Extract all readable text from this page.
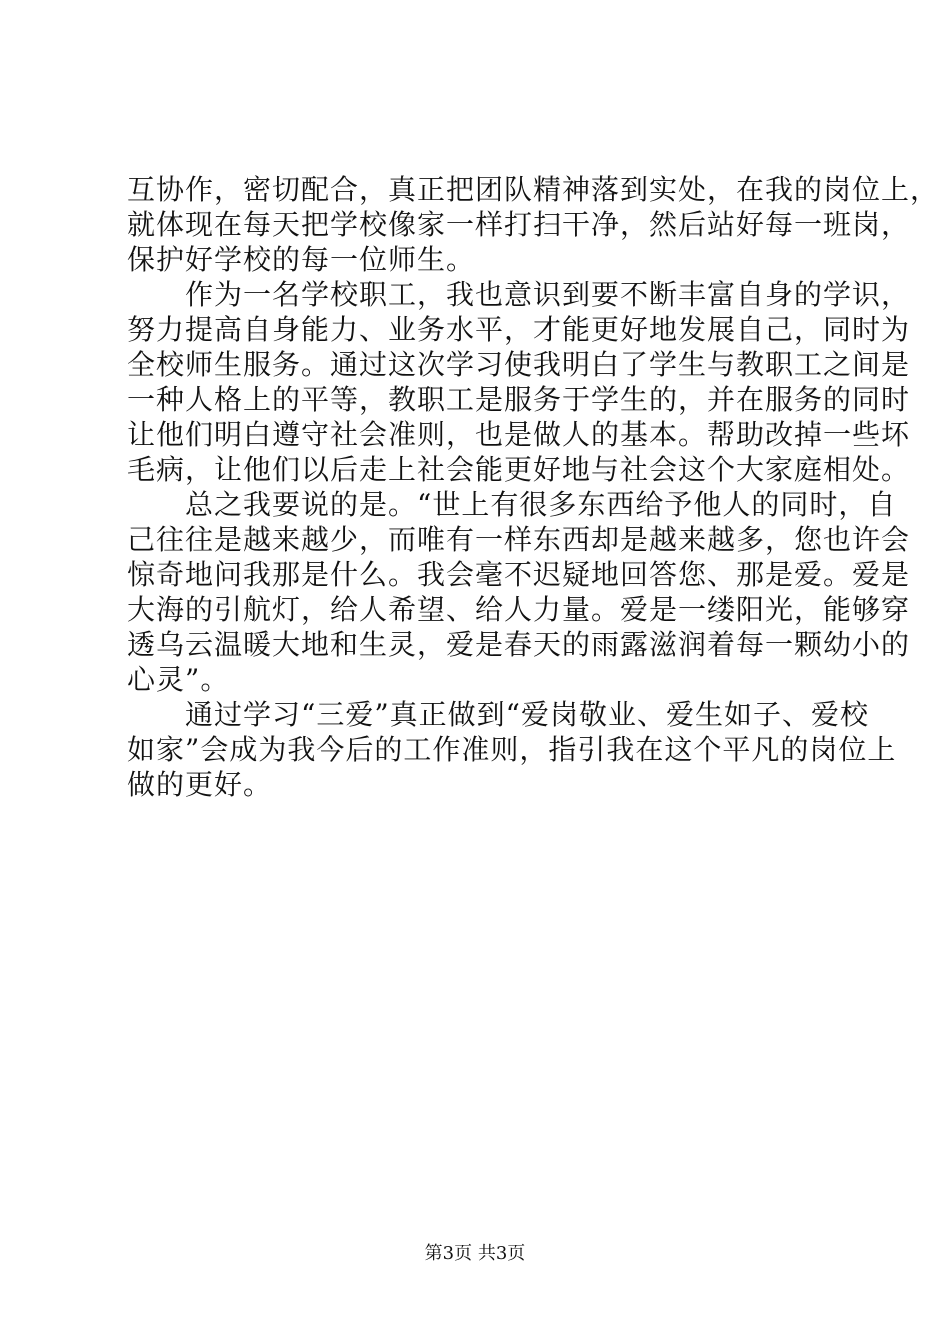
互协作，密切配合，真正把团队精神落到实处，在我的岗位上，
就体现在每天把学校像家一样打扫干净，然后站好每一班岗，
保护好学校的每一位师生。
作为一名学校职工，我也意识到要不断丰富自身的学识，
努力提高自身能力、业务水平，才能更好地发展自己，同时为
全校师生服务。通过这次学习使我明白了学生与教职工之间是
一种人格上的平等，教职工是服务于学生的，并在服务的同时
让他们明白遵守社会准则，也是做人的基本。帮助改掉一些坏
毛病，让他们以后走上社会能更好地与社会这个大家庭相处。
总之我要说的是。“世上有很多东西给予他人的同时，自
己往往是越来越少，而唯有一样东西却是越来越多，您也许会
惊奇地问我那是什么。我会毫不迟疑地回答您、那是爱。爱是
大海的引航灯，给人希望、给人力量。爱是一缕阳光，能够穿
透乌云温暖大地和生灵，爱是春天的雨露滋润着每一颗幼小的
心灵”。
通过学习“三爱”真正做到“爱岗敬业、爱生如子、爱校
如家”会成为我今后的工作准则，指引我在这个平凡的岗位上
做的更好。
第3页 共3页
